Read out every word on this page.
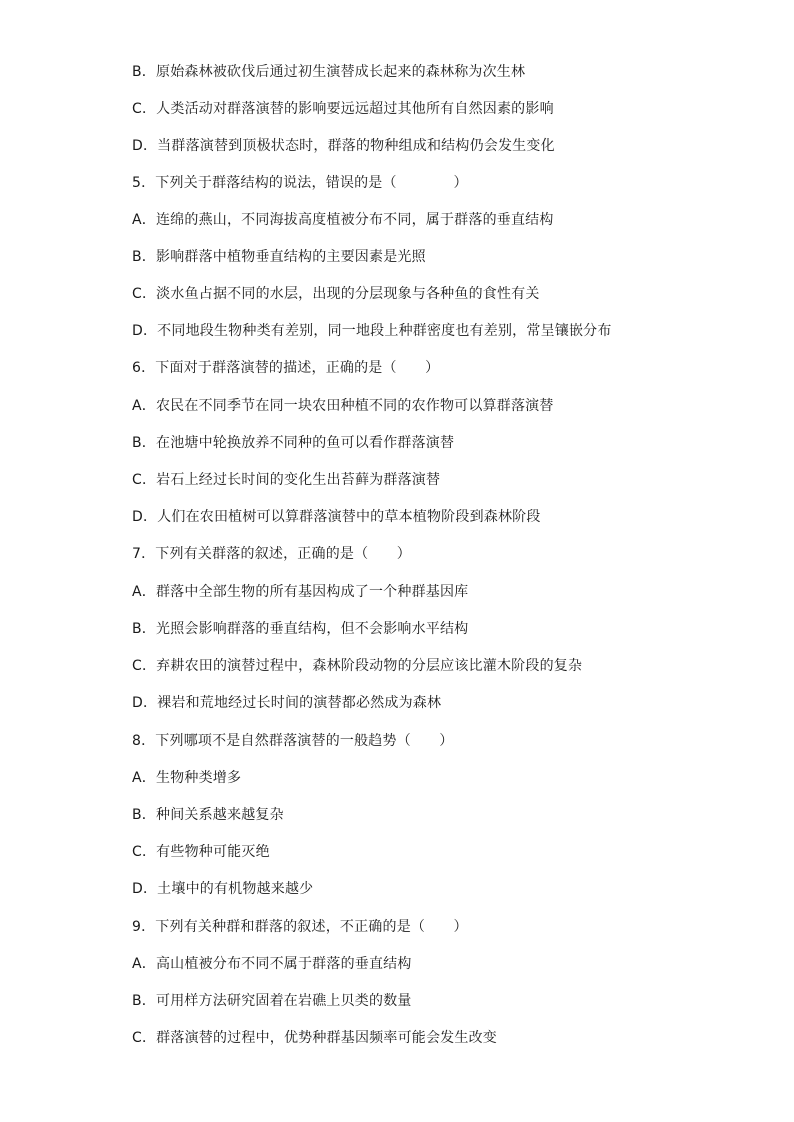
B．原始森林被砍伐后通过初生演替成长起来的森林称为次生林
C．人类活动对群落演替的影响要远远超过其他所有自然因素的影响
D．当群落演替到顶极状态时，群落的物种组成和结构仍会发生变化
5．下列关于群落结构的说法，错误的是（　　　　）
A．连绵的燕山，不同海拔高度植被分布不同，属于群落的垂直结构
B．影响群落中植物垂直结构的主要因素是光照
C．淡水鱼占据不同的水层，出现的分层现象与各种鱼的食性有关
D．不同地段生物种类有差别，同一地段上种群密度也有差别，常呈镶嵌分布
6．下面对于群落演替的描述，正确的是（　　）
A．农民在不同季节在同一块农田种植不同的农作物可以算群落演替
B．在池塘中轮换放养不同种的鱼可以看作群落演替
C．岩石上经过长时间的变化生出苔藓为群落演替
D．人们在农田植树可以算群落演替中的草本植物阶段到森林阶段
7．下列有关群落的叙述，正确的是（　　）
A．群落中全部生物的所有基因构成了一个种群基因库
B．光照会影响群落的垂直结构，但不会影响水平结构
C．弃耕农田的演替过程中，森林阶段动物的分层应该比灌木阶段的复杂
D．裸岩和荒地经过长时间的演替都必然成为森林
8．下列哪项不是自然群落演替的一般趋势（　　）
A．生物种类增多
B．种间关系越来越复杂
C．有些物种可能灭绝
D．土壤中的有机物越来越少
9．下列有关种群和群落的叙述，不正确的是（　　）
A．高山植被分布不同不属于群落的垂直结构
B．可用样方法研究固着在岩礁上贝类的数量
C．群落演替的过程中，优势种群基因频率可能会发生改变
